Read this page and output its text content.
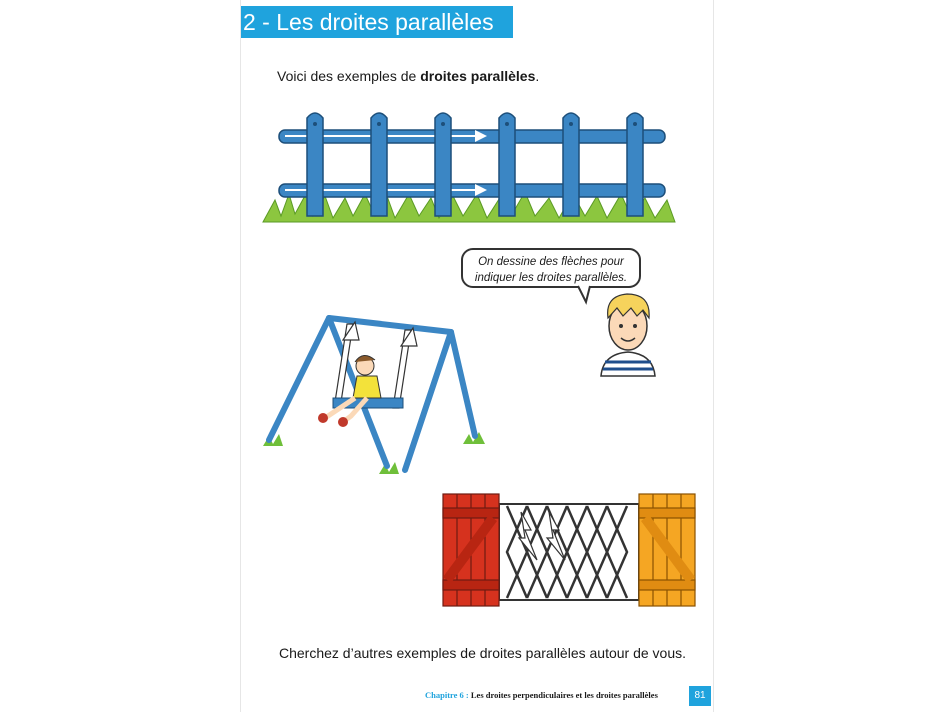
2 - Les droites parallèles
Voici des exemples de droites parallèles.
On dessine des flèches pour
indiquer les droites parallèles.
Cherchez d’autres exemples de droites parallèles autour de vous.
Chapitre 6 : Les droites perpendiculaires et les droites parallèles	81
